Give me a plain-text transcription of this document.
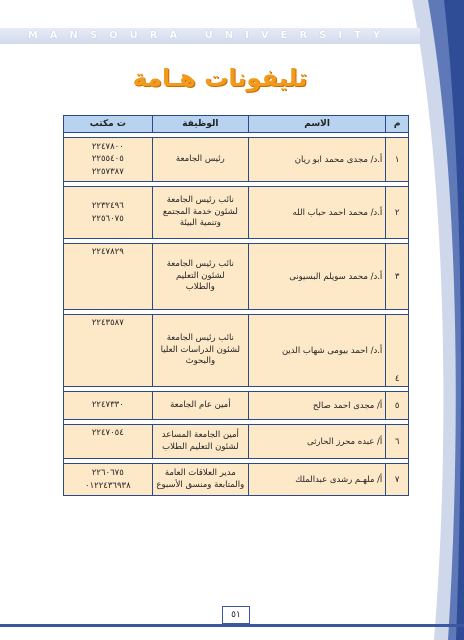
MANSOURA UNIVERSITY
تليفونات هـامة
م	الاسم	الوظيفة	ت مكتب

١	أ.د/ مجدى محمد ابو ريان	رئيس الجامعة	٢٢٤٧٨٠٠
٢٢٥٥٤٠٥
٢٢٥٧٣٨٧

٢	أ.د/ محمد احمد حباب الله	نائب رئيس الجامعة
لشئون خدمة المجتمع
وتنمية البيئة	٢٢٣٢٤٩٦
٢٢٥٦٠٧٥

٣	أ.د/ محمد سويلم البسيونى	نائب رئيس الجامعة
لشئون التعليم
والطلاب	٢٢٤٧٨٢٩

٤	أ.د/ احمد بيومى شهاب الدين	نائب رئيس الجامعة
لشئون الدراسات العليا
والبحوث	٢٢٤٣٥٨٧

٥	أ/ مجدى احمد صالح	أمين عام الجامعة	٢٢٤٧٣٣٠

٦	أ/ عبده محرز الحارثى	أمين الجامعة المساعد
لشئون التعليم الطلاب	٢٢٤٧٠٥٤

٧	أ/ ملهـم رشدى عبدالملك	مدير العلاقات العامة
والمتابعة ومنسق الأسبوع	٢٢٦٠٦٧٥
٠١٢٢٤٣٦٩٣٨
٥١
